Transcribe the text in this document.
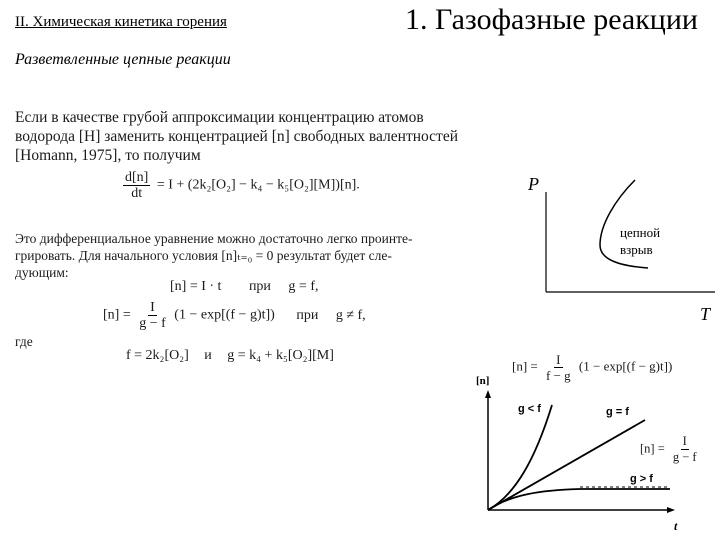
II. Химическая кинетика горения	1. Газофазные реакции
Разветвленные цепные реакции
Если в качестве грубой аппроксимации концентрацию атомов
водорода [H] заменить концентрацией [n] свободных валентностей
[Homann, 1975], то получим
$\frac{d[n]}{dt} = I + (2k_2[O_2] - k_4 - k_5[O_2][M])[n]$.
Это дифференциальное уравнение можно достаточно легко проинте-
грировать. Для начального условия [n]ₜ₌₀ = 0 результат будет сле-
дующим:
[n] = I · t при g = f,
$[n] = \frac{I}{g - f} (1 - \exp[(f - g)t])$ при g ≠ f,
где
f = 2k₂[O₂] и g = k₄ + k₅[O₂][M]
P
T
цепной
взрыв
$[n] = \frac{I}{f - g} (1 - \exp[(f - g)t])$
[n]
t
g < f	g = f
g > f
$[n] = \frac{I}{g - f}$
